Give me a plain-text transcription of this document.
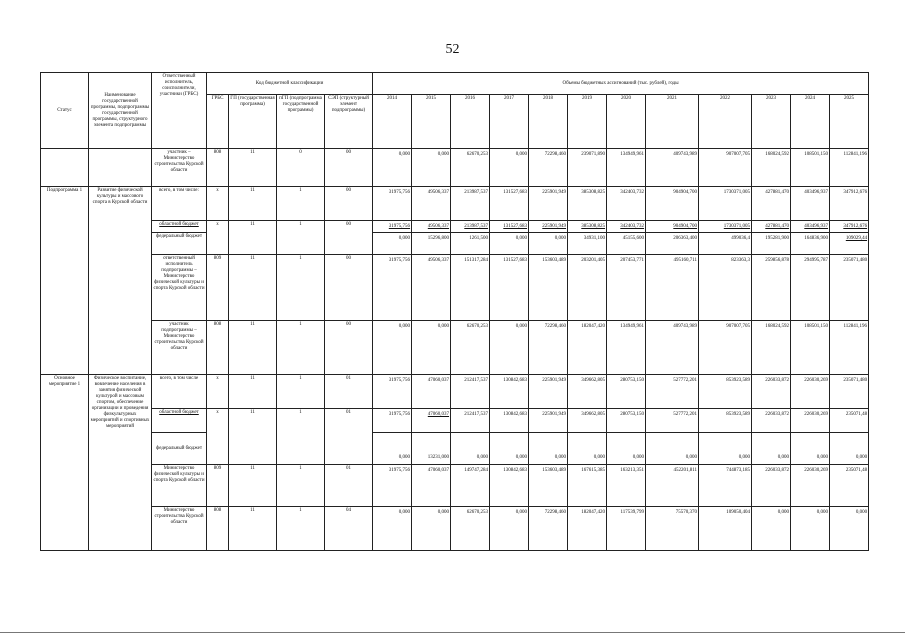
52
Статус	Наименование государственной программы, подпрограммы государственной программы, структурного элемента подпрограммы	Ответственный исполнитель, соисполнители, участники (ГРБС)	Код бюджетной классификации				Объемы бюджетных ассигнований (тыс. рублей), годы											
			ГРБС	ГП (государственная программа)	пГП (подпрограмма государственной программы)	СЭП (структурный элемент подпрограммы)	2014	2015	2016	2017	2018	2019	2020	2021	2022	2023	2024	2025
		участник – Министерство строительства Курской области	808	11	0	00	0,000	0,000	62670,253	0,000	72298,460	239071,890	134949,961	409743,989	907007,705	168024,592	108501,150	112841,196
Подпрограмма 1	Развитие физической культуры и массового спорта в Курской области	всего, в том числе:	x	11	1	00	31975,756	49506,337	213987,537	131527,683	225901,949	385308,825	342403,732	904904,700	1730371,005	427881,470	403496,937	347912,676
		областной бюджет	x	11	1	00	31975,756	49506,337	213987,537	131527,683	225901,949	385308,825	342403,732	904904,700	1730371,005	427881,470	403496,937	347912,676
		федеральный бюджет					0,000	15296,800	1261,500	0,000	0,000	34931,100	45155,600	206363,400	499036,4	195281,900	164836,900	109029,44
		ответственный исполнитель подпрограммы – Министерство физической культуры и спорта Курской области	809	11	1	00	31975,756	49506,337	151317,284	131527,683	153603,489	203201,405	207453,771	495160,711	823363,3	259856,878	294995,787	235071,480
		участник подпрограммы – Министерство строительства Курской области	808	11	1	00	0,000	0,000	62670,253	0,000	72298,460	182047,420	134949,961	409743,989	907007,705	168024,592	108501,150	112841,196
Основное мероприятие 1	Физическое воспитание, вовлечение населения в занятия физической культурой и массовым спортом, обеспечение организации и проведения физкультурных мероприятий и спортивных мероприятий	всего, в том числе	x	11	1	01	31975,756	47060,037	212417,537	130842,683	225901,949	349662,805	280753,150	527772,201	853923,589	226033,872	226030,269	235071,480
		областной бюджет	x	11	1	01	31975,756	47060,037	212417,537	130842,683	225901,949	349662,805	280753,150	527772,201	853923,589	226033,872	226030,269	235071,48
		федеральный бюджет					0,000	13231,000	0,000	0,000	0,000	0,000	0,000	0,000	0,000	0,000	0,000	0,000
		Министерство физической культуры и спорта Курской области	809	11	1	01	31975,756	47060,037	149747,284	130842,683	153603,489	167615,385	163213,351	452201,811	744873,185	226033,872	226030,269	235071,48
		Министерство строительства Курской области	808	11	1	04	0,000	0,000	62670,253	0,000	72298,460	182047,420	117539,799	75570,370	109050,404	0,000	0,000	0,000
